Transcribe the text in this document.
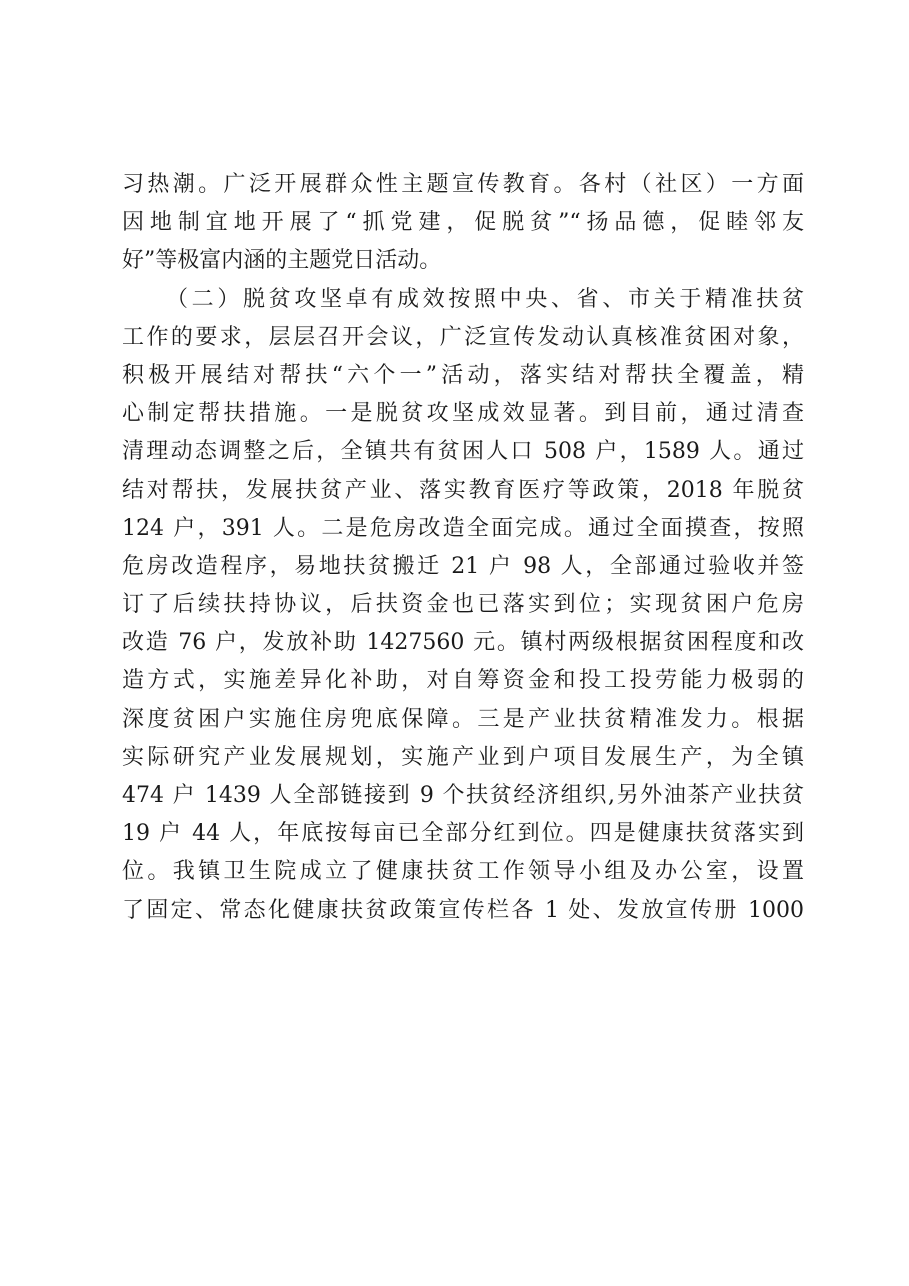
习热潮。广泛开展群众性主题宣传教育。各村（社区）一方面
因地制宜地开展了“抓党建，促脱贫”“扬品德，促睦邻友
好”等极富内涵的主题党日活动。
（二）脱贫攻坚卓有成效按照中央、省、市关于精准扶贫
工作的要求，层层召开会议，广泛宣传发动认真核准贫困对象，
积极开展结对帮扶“六个一”活动，落实结对帮扶全覆盖，精
心制定帮扶措施。一是脱贫攻坚成效显著。到目前，通过清查
清理动态调整之后，全镇共有贫困人口 508 户，1589 人。通过
结对帮扶，发展扶贫产业、落实教育医疗等政策，2018 年脱贫
124 户，391 人。二是危房改造全面完成。通过全面摸查，按照
危房改造程序，易地扶贫搬迁 21 户 98 人，全部通过验收并签
订了后续扶持协议，后扶资金也已落实到位；实现贫困户危房
改造 76 户，发放补助 1427560 元。镇村两级根据贫困程度和改
造方式，实施差异化补助，对自筹资金和投工投劳能力极弱的
深度贫困户实施住房兜底保障。三是产业扶贫精准发力。根据
实际研究产业发展规划，实施产业到户项目发展生产，为全镇
474 户 1439 人全部链接到 9 个扶贫经济组织,另外油茶产业扶贫
19 户 44 人，年底按每亩已全部分红到位。四是健康扶贫落实到
位。我镇卫生院成立了健康扶贫工作领导小组及办公室，设置
了固定、常态化健康扶贫政策宣传栏各 1 处、发放宣传册 1000
